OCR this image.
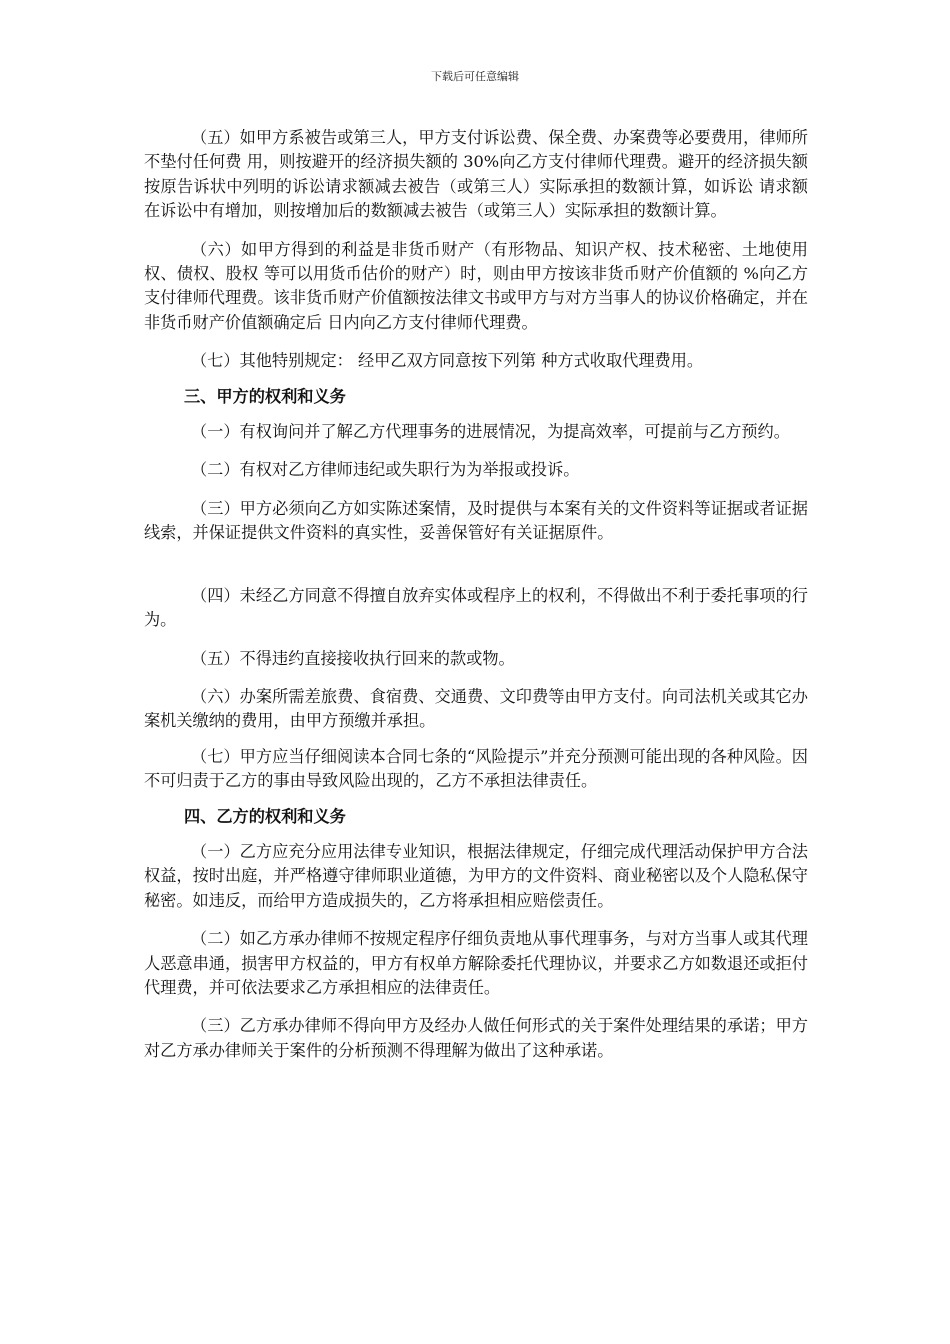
下载后可任意编辑

（五）如甲方系被告或第三人，甲方支付诉讼费、保全费、办案费等必要费用，律师所不垫付任何费 用，则按避开的经济损失额的 30%向乙方支付律师代理费。避开的经济损失额按原告诉状中列明的诉讼请求额减去被告（或第三人）实际承担的数额计算，如诉讼 请求额在诉讼中有增加，则按增加后的数额减去被告（或第三人）实际承担的数额计算。

（六）如甲方得到的利益是非货币财产（有形物品、知识产权、技术秘密、土地使用权、债权、股权 等可以用货币估价的财产）时，则由甲方按该非货币财产价值额的 %向乙方支付律师代理费。该非货币财产价值额按法律文书或甲方与对方当事人的协议价格确定，并在非货币财产价值额确定后 日内向乙方支付律师代理费。

（七）其他特别规定： 经甲乙双方同意按下列第 种方式收取代理费用。

三、甲方的权利和义务

（一）有权询问并了解乙方代理事务的进展情况，为提高效率，可提前与乙方预约。

（二）有权对乙方律师违纪或失职行为为举报或投诉。

（三）甲方必须向乙方如实陈述案情，及时提供与本案有关的文件资料等证据或者证据线索，并保证提供文件资料的真实性，妥善保管好有关证据原件。

（四）未经乙方同意不得擅自放弃实体或程序上的权利，不得做出不利于委托事项的行为。

（五）不得违约直接接收执行回来的款或物。

（六）办案所需差旅费、食宿费、交通费、文印费等由甲方支付。向司法机关或其它办案机关缴纳的费用，由甲方预缴并承担。

（七）甲方应当仔细阅读本合同七条的“风险提示”并充分预测可能出现的各种风险。因不可归责于乙方的事由导致风险出现的，乙方不承担法律责任。

四、乙方的权利和义务

（一）乙方应充分应用法律专业知识，根据法律规定，仔细完成代理活动保护甲方合法权益，按时出庭，并严格遵守律师职业道德，为甲方的文件资料、商业秘密以及个人隐私保守秘密。如违反，而给甲方造成损失的，乙方将承担相应赔偿责任。

（二）如乙方承办律师不按规定程序仔细负责地从事代理事务，与对方当事人或其代理人恶意串通，损害甲方权益的，甲方有权单方解除委托代理协议，并要求乙方如数退还或拒付代理费，并可依法要求乙方承担相应的法律责任。

（三）乙方承办律师不得向甲方及经办人做任何形式的关于案件处理结果的承诺；甲方对乙方承办律师关于案件的分析预测不得理解为做出了这种承诺。
